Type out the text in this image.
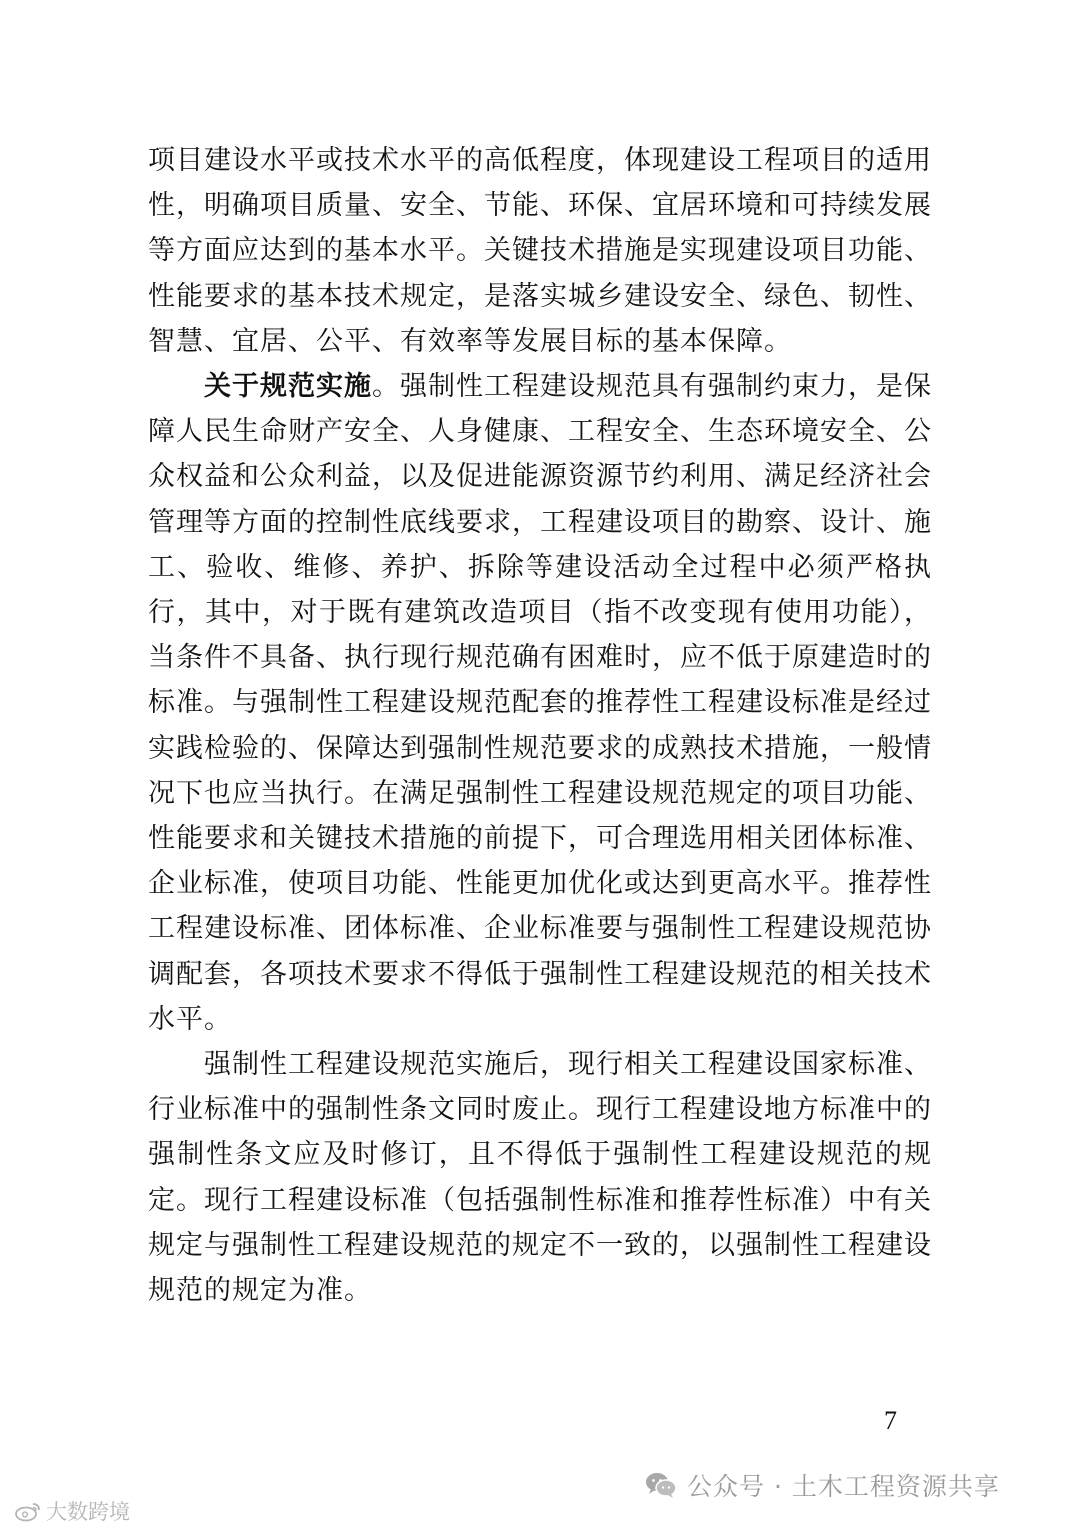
项目建设水平或技术水平的高低程度，体现建设工程项目的适用性，明确项目质量、安全、节能、环保、宜居环境和可持续发展等方面应达到的基本水平。关键技术措施是实现建设项目功能、性能要求的基本技术规定，是落实城乡建设安全、绿色、韧性、智慧、宜居、公平、有效率等发展目标的基本保障。

关于规范实施。强制性工程建设规范具有强制约束力，是保障人民生命财产安全、人身健康、工程安全、生态环境安全、公众权益和公众利益，以及促进能源资源节约利用、满足经济社会管理等方面的控制性底线要求，工程建设项目的勘察、设计、施工、验收、维修、养护、拆除等建设活动全过程中必须严格执行，其中，对于既有建筑改造项目（指不改变现有使用功能），当条件不具备、执行现行规范确有困难时，应不低于原建造时的标准。与强制性工程建设规范配套的推荐性工程建设标准是经过实践检验的、保障达到强制性规范要求的成熟技术措施，一般情况下也应当执行。在满足强制性工程建设规范规定的项目功能、性能要求和关键技术措施的前提下，可合理选用相关团体标准、企业标准，使项目功能、性能更加优化或达到更高水平。推荐性工程建设标准、团体标准、企业标准要与强制性工程建设规范协调配套，各项技术要求不得低于强制性工程建设规范的相关技术水平。

强制性工程建设规范实施后，现行相关工程建设国家标准、行业标准中的强制性条文同时废止。现行工程建设地方标准中的强制性条文应及时修订，且不得低于强制性工程建设规范的规定。现行工程建设标准（包括强制性标准和推荐性标准）中有关规定与强制性工程建设规范的规定不一致的，以强制性工程建设规范的规定为准。

7
公众号 · 土木工程资源共享
大数跨境
